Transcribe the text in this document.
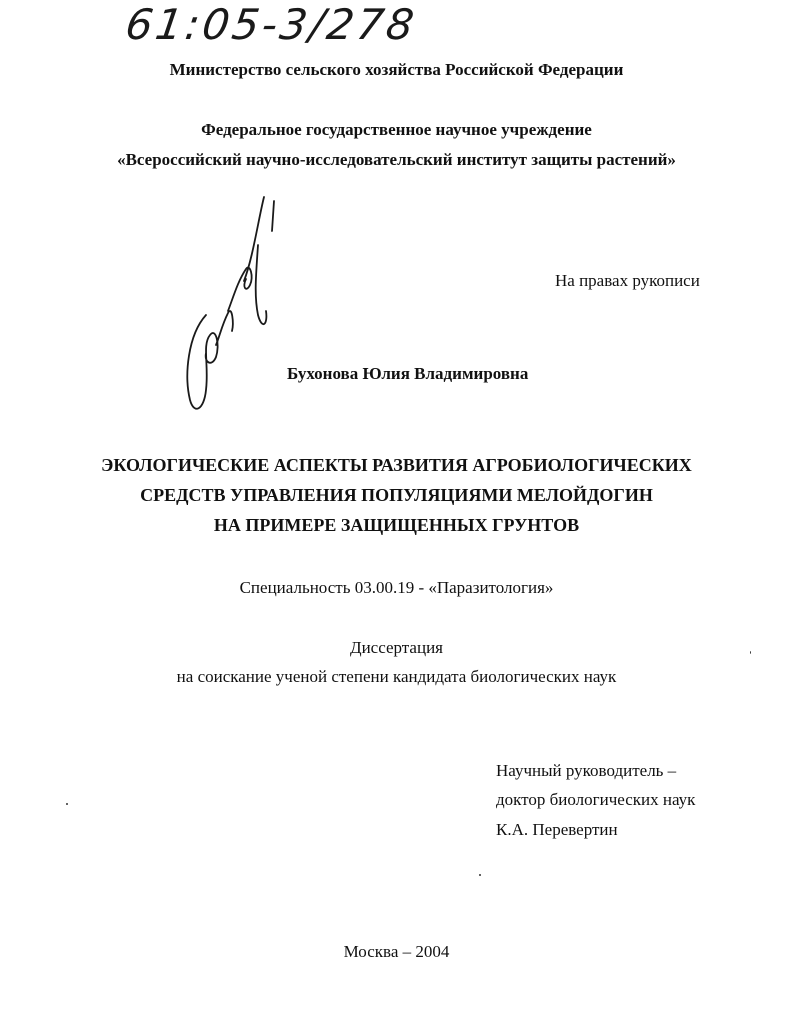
61:05-3/278
Министерство сельского хозяйства Российской Федерации
Федеральное государственное научное учреждение
«Всероссийский научно-исследовательский институт защиты растений»
На правах рукописи
Бухонова Юлия Владимировна
ЭКОЛОГИЧЕСКИЕ АСПЕКТЫ РАЗВИТИЯ АГРОБИОЛОГИЧЕСКИХ
СРЕДСТВ УПРАВЛЕНИЯ ПОПУЛЯЦИЯМИ МЕЛОЙДОГИН
НА ПРИМЕРЕ ЗАЩИЩЕННЫХ ГРУНТОВ
Специальность 03.00.19 - «Паразитология»
Диссертация
на соискание ученой степени кандидата биологических наук
Научный руководитель –
доктор биологических наук
К.А. Перевертин
Москва – 2004
